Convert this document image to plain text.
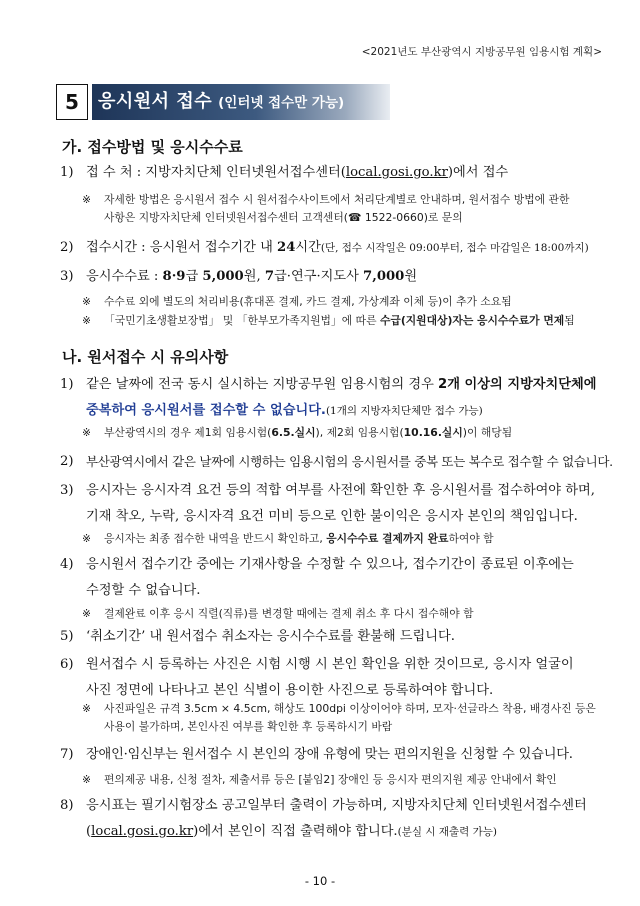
<2021년도 부산광역시 지방공무원 임용시험 계획>
5	응시원서 접수 (인터넷 접수만 가능)
가. 접수방법 및 응시수수료
1) 접 수 처 : 지방자치단체 인터넷원서접수센터(local.gosi.go.kr)에서 접수
※ 자세한 방법은 응시원서 접수 시 원서접수사이트에서 처리단계별로 안내하며, 원서접수 방법에 관한
사항은 지방자치단체 인터넷원서접수센터 고객센터(☎ 1522-0660)로 문의
2) 접수시간 : 응시원서 접수기간 내 24시간(단, 접수 시작일은 09:00부터, 접수 마감일은 18:00까지)
3) 응시수수료 : 8·9급 5,000원, 7급·연구·지도사 7,000원
※ 수수료 외에 별도의 처리비용(휴대폰 결제, 카드 결제, 가상계좌 이체 등)이 추가 소요됨
※ 「국민기초생활보장법」 및 「한부모가족지원법」에 따른 수급(지원대상)자는 응시수수료가 면제됨
나. 원서접수 시 유의사항
1) 같은 날짜에 전국 동시 실시하는 지방공무원 임용시험의 경우 2개 이상의 지방자치단체에
중복하여 응시원서를 접수할 수 없습니다.(1개의 지방자치단체만 접수 가능)
※ 부산광역시의 경우 제1회 임용시험(6.5.실시), 제2회 임용시험(10.16.실시)이 해당됨
2) 부산광역시에서 같은 날짜에 시행하는 임용시험의 응시원서를 중복 또는 복수로 접수할 수 없습니다.
3) 응시자는 응시자격 요건 등의 적합 여부를 사전에 확인한 후 응시원서를 접수하여야 하며,
기재 착오, 누락, 응시자격 요건 미비 등으로 인한 불이익은 응시자 본인의 책임입니다.
※ 응시자는 최종 접수한 내역을 반드시 확인하고, 응시수수료 결제까지 완료하여야 함
4) 응시원서 접수기간 중에는 기재사항을 수정할 수 있으나, 접수기간이 종료된 이후에는
수정할 수 없습니다.
※ 결제완료 이후 응시 직렬(직류)를 변경할 때에는 결제 취소 후 다시 접수해야 함
5) ‘취소기간’ 내 원서접수 취소자는 응시수수료를 환불해 드립니다.
6) 원서접수 시 등록하는 사진은 시험 시행 시 본인 확인을 위한 것이므로, 응시자 얼굴이
사진 정면에 나타나고 본인 식별이 용이한 사진으로 등록하여야 합니다.
※ 사진파일은 규격 3.5cm × 4.5cm, 해상도 100dpi 이상이어야 하며, 모자·선글라스 착용, 배경사진 등은
사용이 불가하며, 본인사진 여부를 확인한 후 등록하시기 바람
7) 장애인·임신부는 원서접수 시 본인의 장애 유형에 맞는 편의지원을 신청할 수 있습니다.
※ 편의제공 내용, 신청 절차, 제출서류 등은 [붙임2] 장애인 등 응시자 편의지원 제공 안내에서 확인
8) 응시표는 필기시험장소 공고일부터 출력이 가능하며, 지방자치단체 인터넷원서접수센터
(local.gosi.go.kr)에서 본인이 직접 출력해야 합니다.(분실 시 재출력 가능)
- 10 -
